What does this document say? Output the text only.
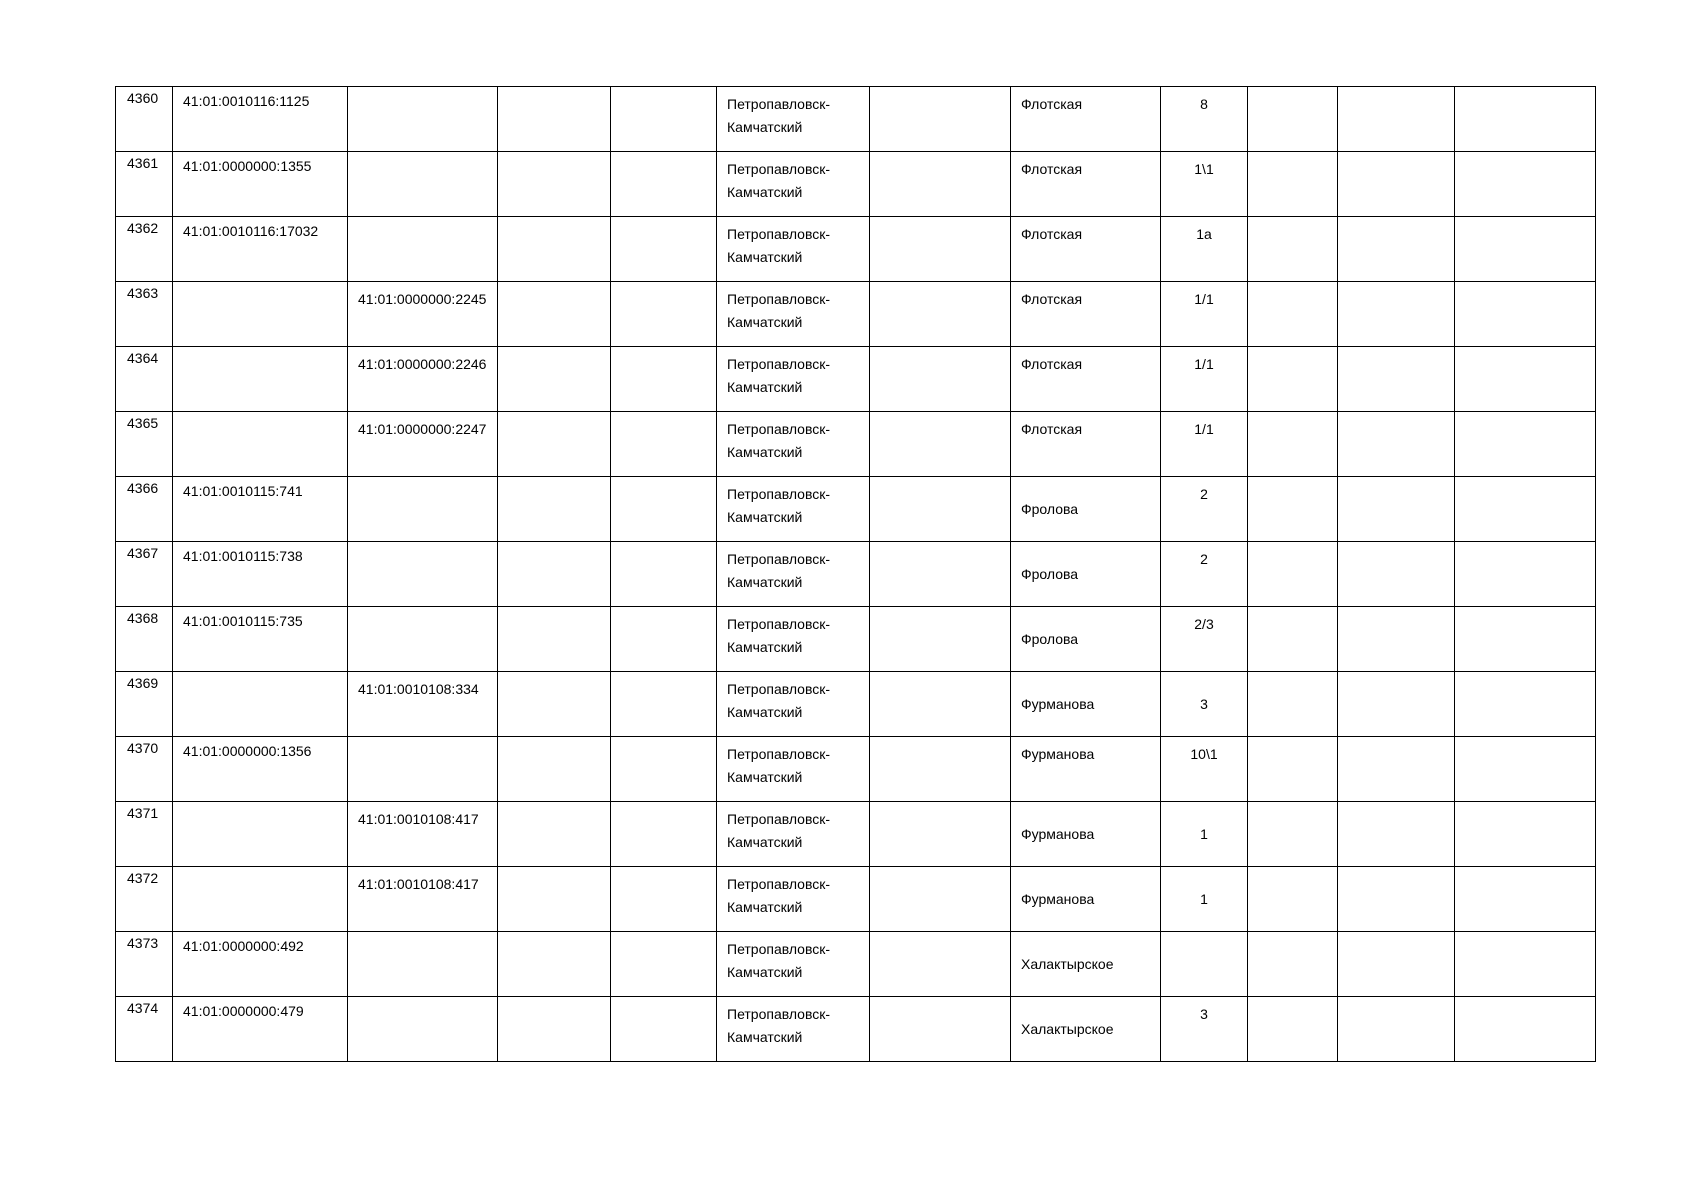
4360	41:01:0010116:1125				Петропавловск-Камчатский		Флотская	8			

4361	41:01:0000000:1355				Петропавловск-Камчатский		Флотская	1\1			

4362	41:01:0010116:17032				Петропавловск-Камчатский		Флотская	1а			

4363		41:01:0000000:2245			Петропавловск-Камчатский		Флотская	1/1			

4364		41:01:0000000:2246			Петропавловск-Камчатский		Флотская	1/1			

4365		41:01:0000000:2247			Петропавловск-Камчатский		Флотская	1/1			

4366	41:01:0010115:741				Петропавловск-Камчатский		Фролова	2			

4367	41:01:0010115:738				Петропавловск-Камчатский		Фролова	2			

4368	41:01:0010115:735				Петропавловск-Камчатский		Фролова	2/3			

4369		41:01:0010108:334			Петропавловск-Камчатский		Фурманова	3			

4370	41:01:0000000:1356				Петропавловск-Камчатский		Фурманова	10\1			

4371		41:01:0010108:417			Петропавловск-Камчатский		Фурманова	1			

4372		41:01:0010108:417			Петропавловск-Камчатский		Фурманова	1			

4373	41:01:0000000:492				Петропавловск-Камчатский		Халактырское				

4374	41:01:0000000:479				Петропавловск-Камчатский		Халактырское	3			
